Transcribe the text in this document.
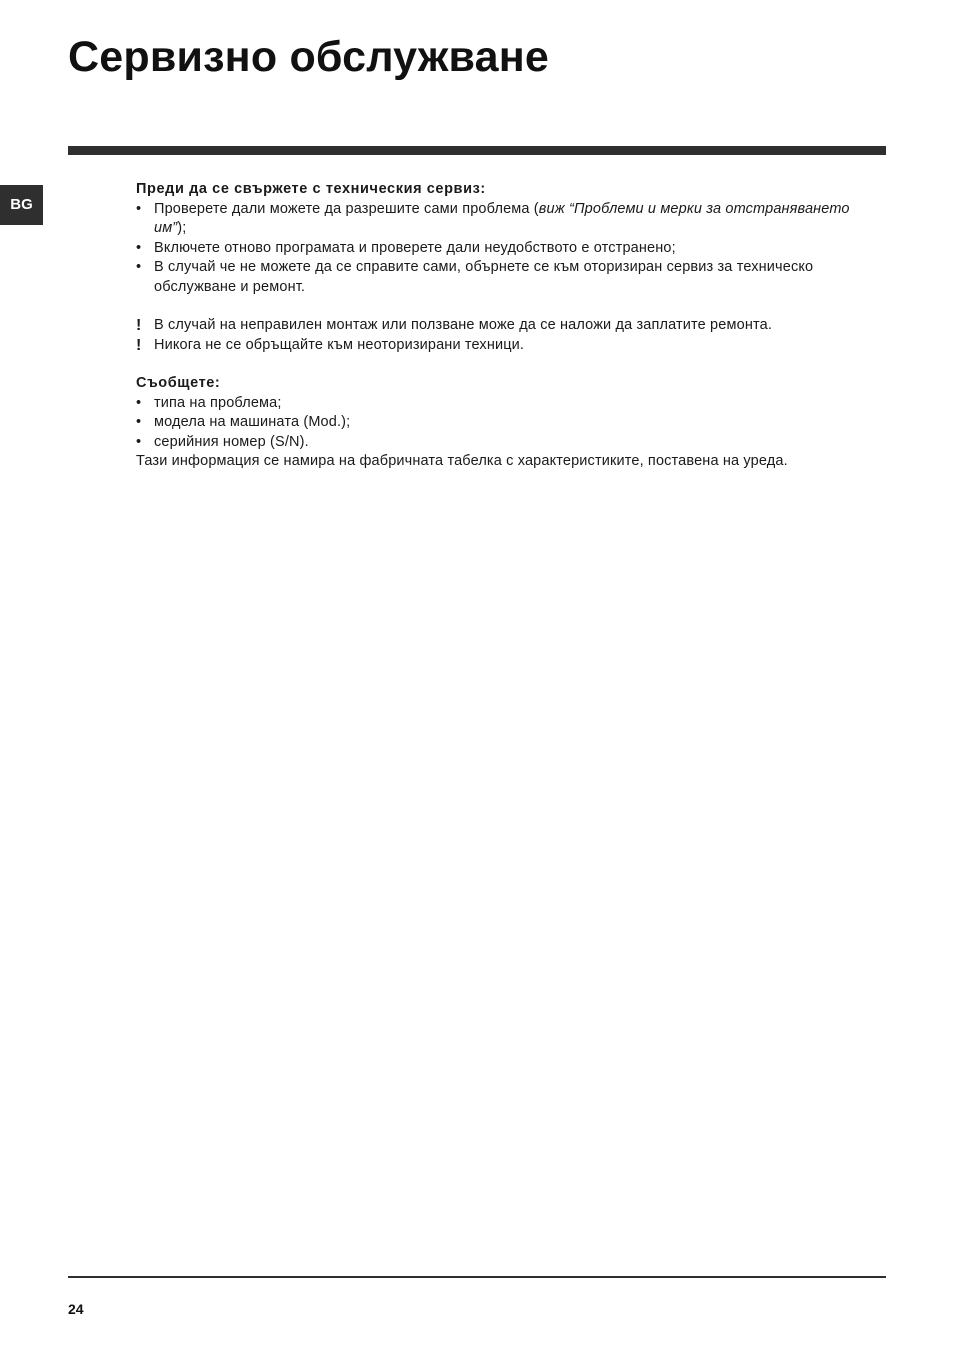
Сервизно обслужване
BG
Преди да се свържете с техническия сервиз:
• Проверете дали можете да разрешите сами проблема (виж “Проблеми и мерки за отстраняването им”);
• Включете отново програмата и проверете дали неудобството е отстранено;
• В случай че не можете да се справите сами, обърнете се към оторизиран сервиз за техническо обслужване и ремонт.
! В случай на неправилен монтаж или ползване може да се наложи да заплатите ремонта.
! Никога не се обръщайте към неоторизирани техници.
Съобщете:
• типа на проблема;
• модела на машината (Mod.);
• серийния номер (S/N).
Тази информация се намира на фабричната табелка с характеристиките, поставена на уреда.
24
